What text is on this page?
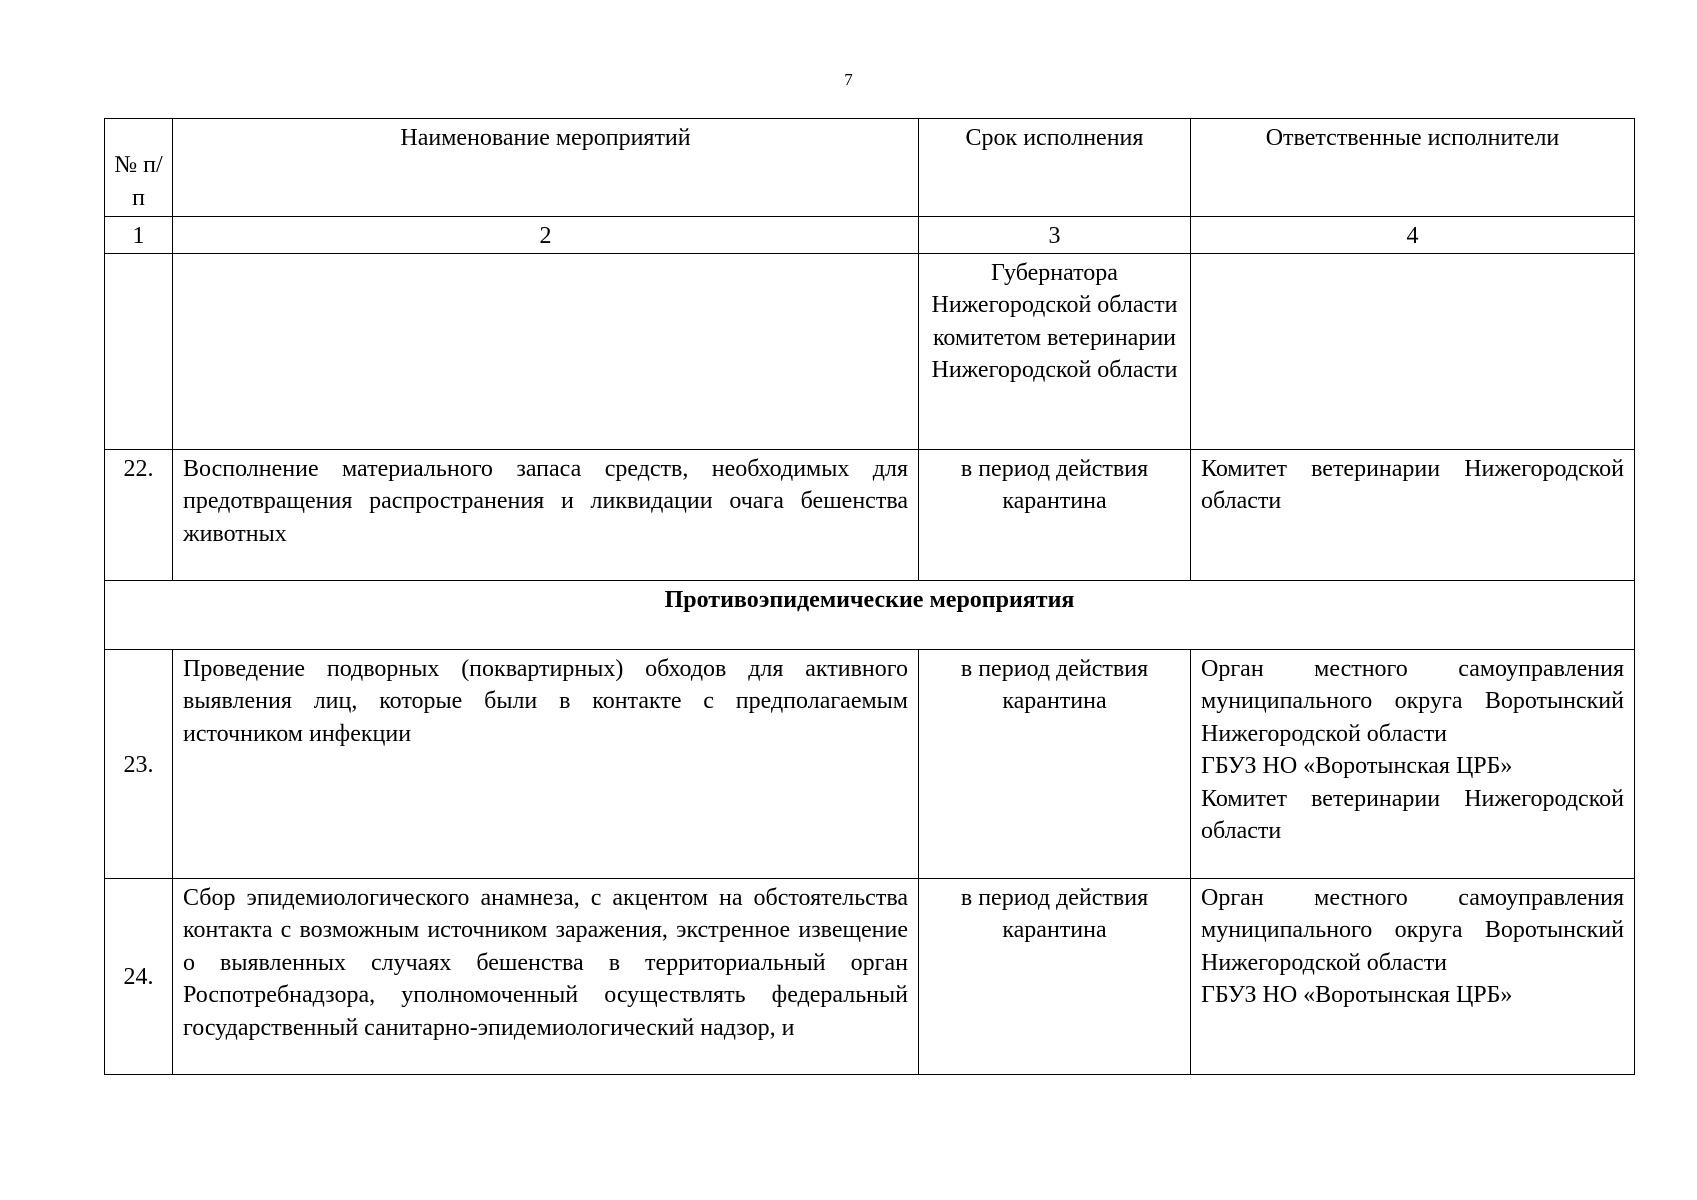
7
№ п/п	Наименование мероприятий	Срок исполнения	Ответственные исполнители
1	2	3	4
		Губернатора Нижегородской области комитетом ветеринарии Нижегородской области	
22.	Восполнение материального запаса средств, необходимых для предотвращения распространения и ликвидации очага бешенства животных	в период действия карантина	Комитет ветеринарии Нижегородской области
Противоэпидемические мероприятия			
23.	Проведение подворных (поквартирных) обходов для активного выявления лиц, которые были в контакте с предполагаемым источником инфекции	в период действия карантина	Орган местного самоуправления муниципального округа Воротынский Нижегородской области
ГБУЗ НО «Воротынская ЦРБ»
Комитет ветеринарии Нижегородской области

24.	Сбор эпидемиологического анамнеза, с акцентом на обстоятельства контакта с возможным источником заражения, экстренное извещение о выявленных случаях бешенства в территориальный орган Роспотребнадзора, уполномоченный осуществлять федеральный государственный санитарно-эпидемиологический надзор, и	в период действия карантина	Орган местного самоуправления муниципального округа Воротынский Нижегородской области
ГБУЗ НО «Воротынская ЦРБ»
